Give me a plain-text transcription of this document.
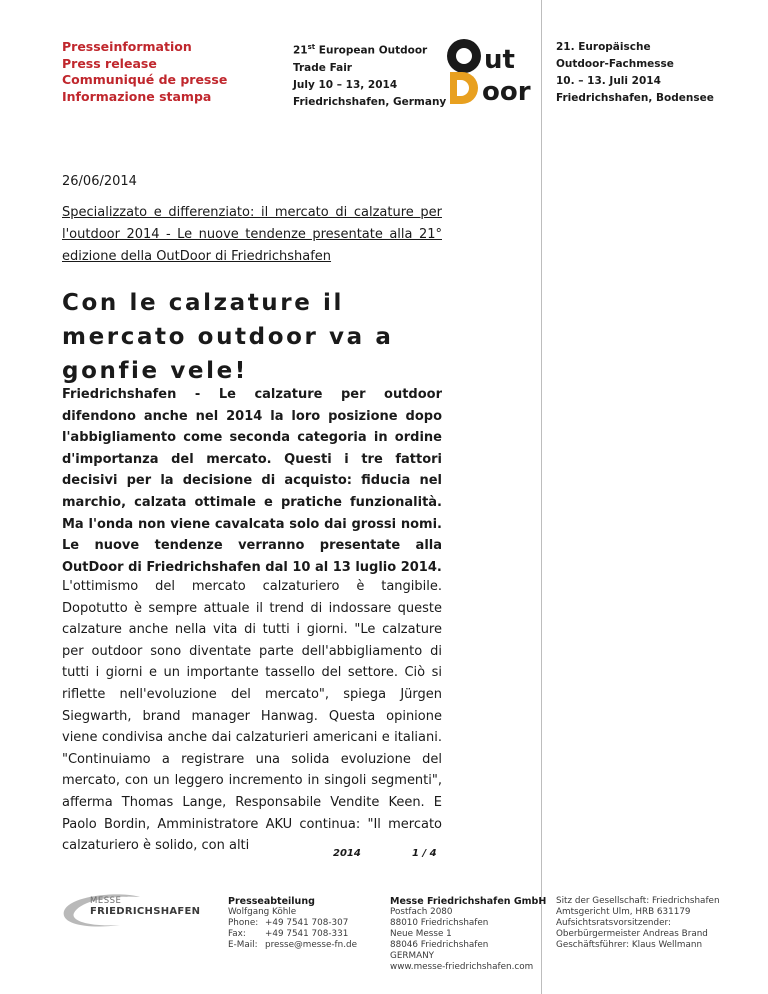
Presseinformation
Press release
Communiqué de presse
Informazione stampa
21st European Outdoor
Trade Fair
July 10 – 13, 2014
Friedrichshafen, Germany
ut
oor
21. Europäische
Outdoor-Fachmesse
10. – 13. Juli 2014
Friedrichshafen, Bodensee
26/06/2014
Specializzato e differenziato: il mercato di calzature per l'outdoor 2014 - Le nuove tendenze presentate alla 21° edizione della OutDoor di Friedrichshafen
Con le calzature il mercato outdoor va a gonfie vele!
Friedrichshafen - Le calzature per outdoor difendono anche nel 2014 la loro posizione dopo l'abbigliamento come seconda categoria in ordine d'importanza del mercato. Questi i tre fattori decisivi per la decisione di acquisto: fiducia nel marchio, calzata ottimale e pratiche funzionalità. Ma l'onda non viene cavalcata solo dai grossi nomi. Le nuove tendenze verranno presentate alla OutDoor di Friedrichshafen dal 10 al 13 luglio 2014.
L'ottimismo del mercato calzaturiero è tangibile. Dopotutto è sempre attuale il trend di indossare queste calzature anche nella vita di tutti i giorni. "Le calzature per outdoor sono diventate parte dell'abbigliamento di tutti i giorni e un importante tassello del settore. Ciò si riflette nell'evoluzione del mercato", spiega Jürgen Siegwarth, brand manager Hanwag. Questa opinione viene condivisa anche dai calzaturieri americani e italiani. "Continuiamo a registrare una solida evoluzione del mercato, con un leggero incremento in singoli segmenti", afferma Thomas Lange, Responsabile Vendite Keen. E Paolo Bordin, Amministratore AKU continua: "Il mercato calzaturiero è solido, con alti
2014	1 / 4
MESSE
FRIEDRICHSHAFEN
Presseabteilung
Wolfgang Köhle
Phone: +49 7541 708-307
Fax:	+49 7541 708-331
E-Mail: presse@messe-fn.de
Messe Friedrichshafen GmbH
Postfach 2080
88010 Friedrichshafen
Neue Messe 1
88046 Friedrichshafen
GERMANY
www.messe-friedrichshafen.com
Sitz der Gesellschaft: Friedrichshafen
Amtsgericht Ulm, HRB 631179
Aufsichtsratsvorsitzender:
Oberbürgermeister Andreas Brand
Geschäftsführer: Klaus Wellmann
